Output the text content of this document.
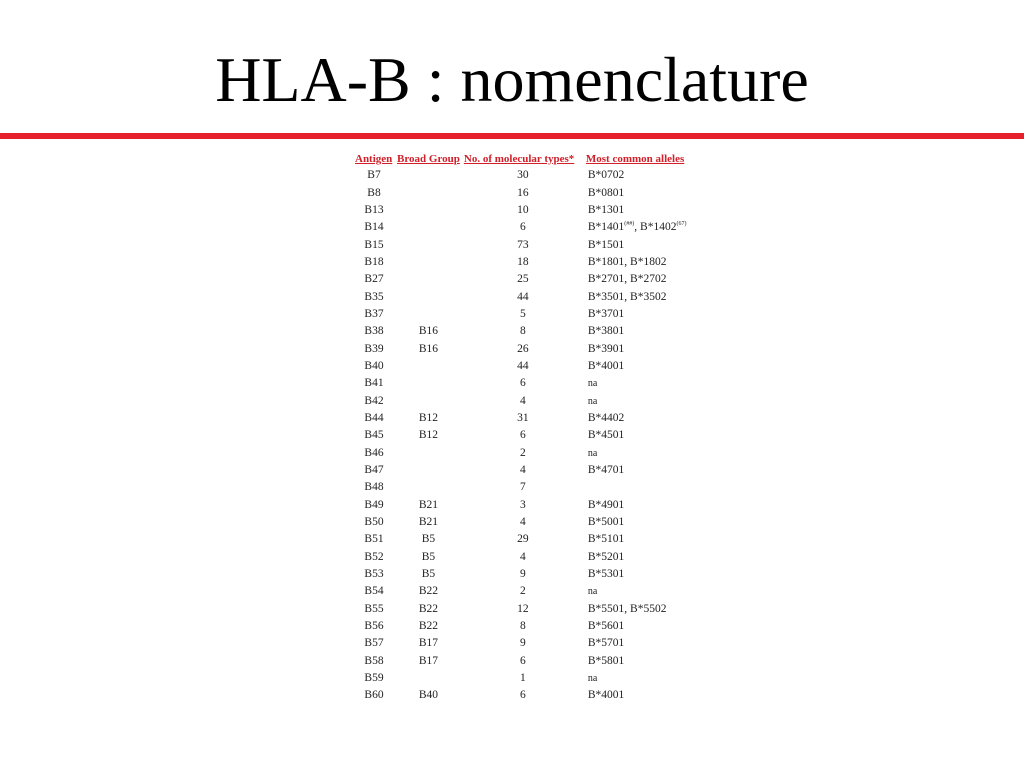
HLA-B : nomenclature
Antigen	Broad Group	No. of molecular types*	Most common alleles
B7		30	B*0702
B8		16	B*0801
B13		10	B*1301
B14		6	B*1401(##), B*1402$^{(67)}$
B15		73	B*1501
B18		18	B*1801, B*1802
B27		25	B*2701, B*2702
B35		44	B*3501, B*3502
B37		5	B*3701
B38	B16	8	B*3801
B39	B16	26	B*3901
B40		44	B*4001
B41		6	na
B42		4	na
B44	B12	31	B*4402
B45	B12	6	B*4501
B46		2	na
B47		4	B*4701
B48		7	
B49	B21	3	B*4901
B50	B21	4	B*5001
B51	B5	29	B*5101
B52	B5	4	B*5201
B53	B5	9	B*5301
B54	B22	2	na
B55	B22	12	B*5501, B*5502
B56	B22	8	B*5601
B57	B17	9	B*5701
B58	B17	6	B*5801
B59		1	na
B60	B40	6	B*4001
